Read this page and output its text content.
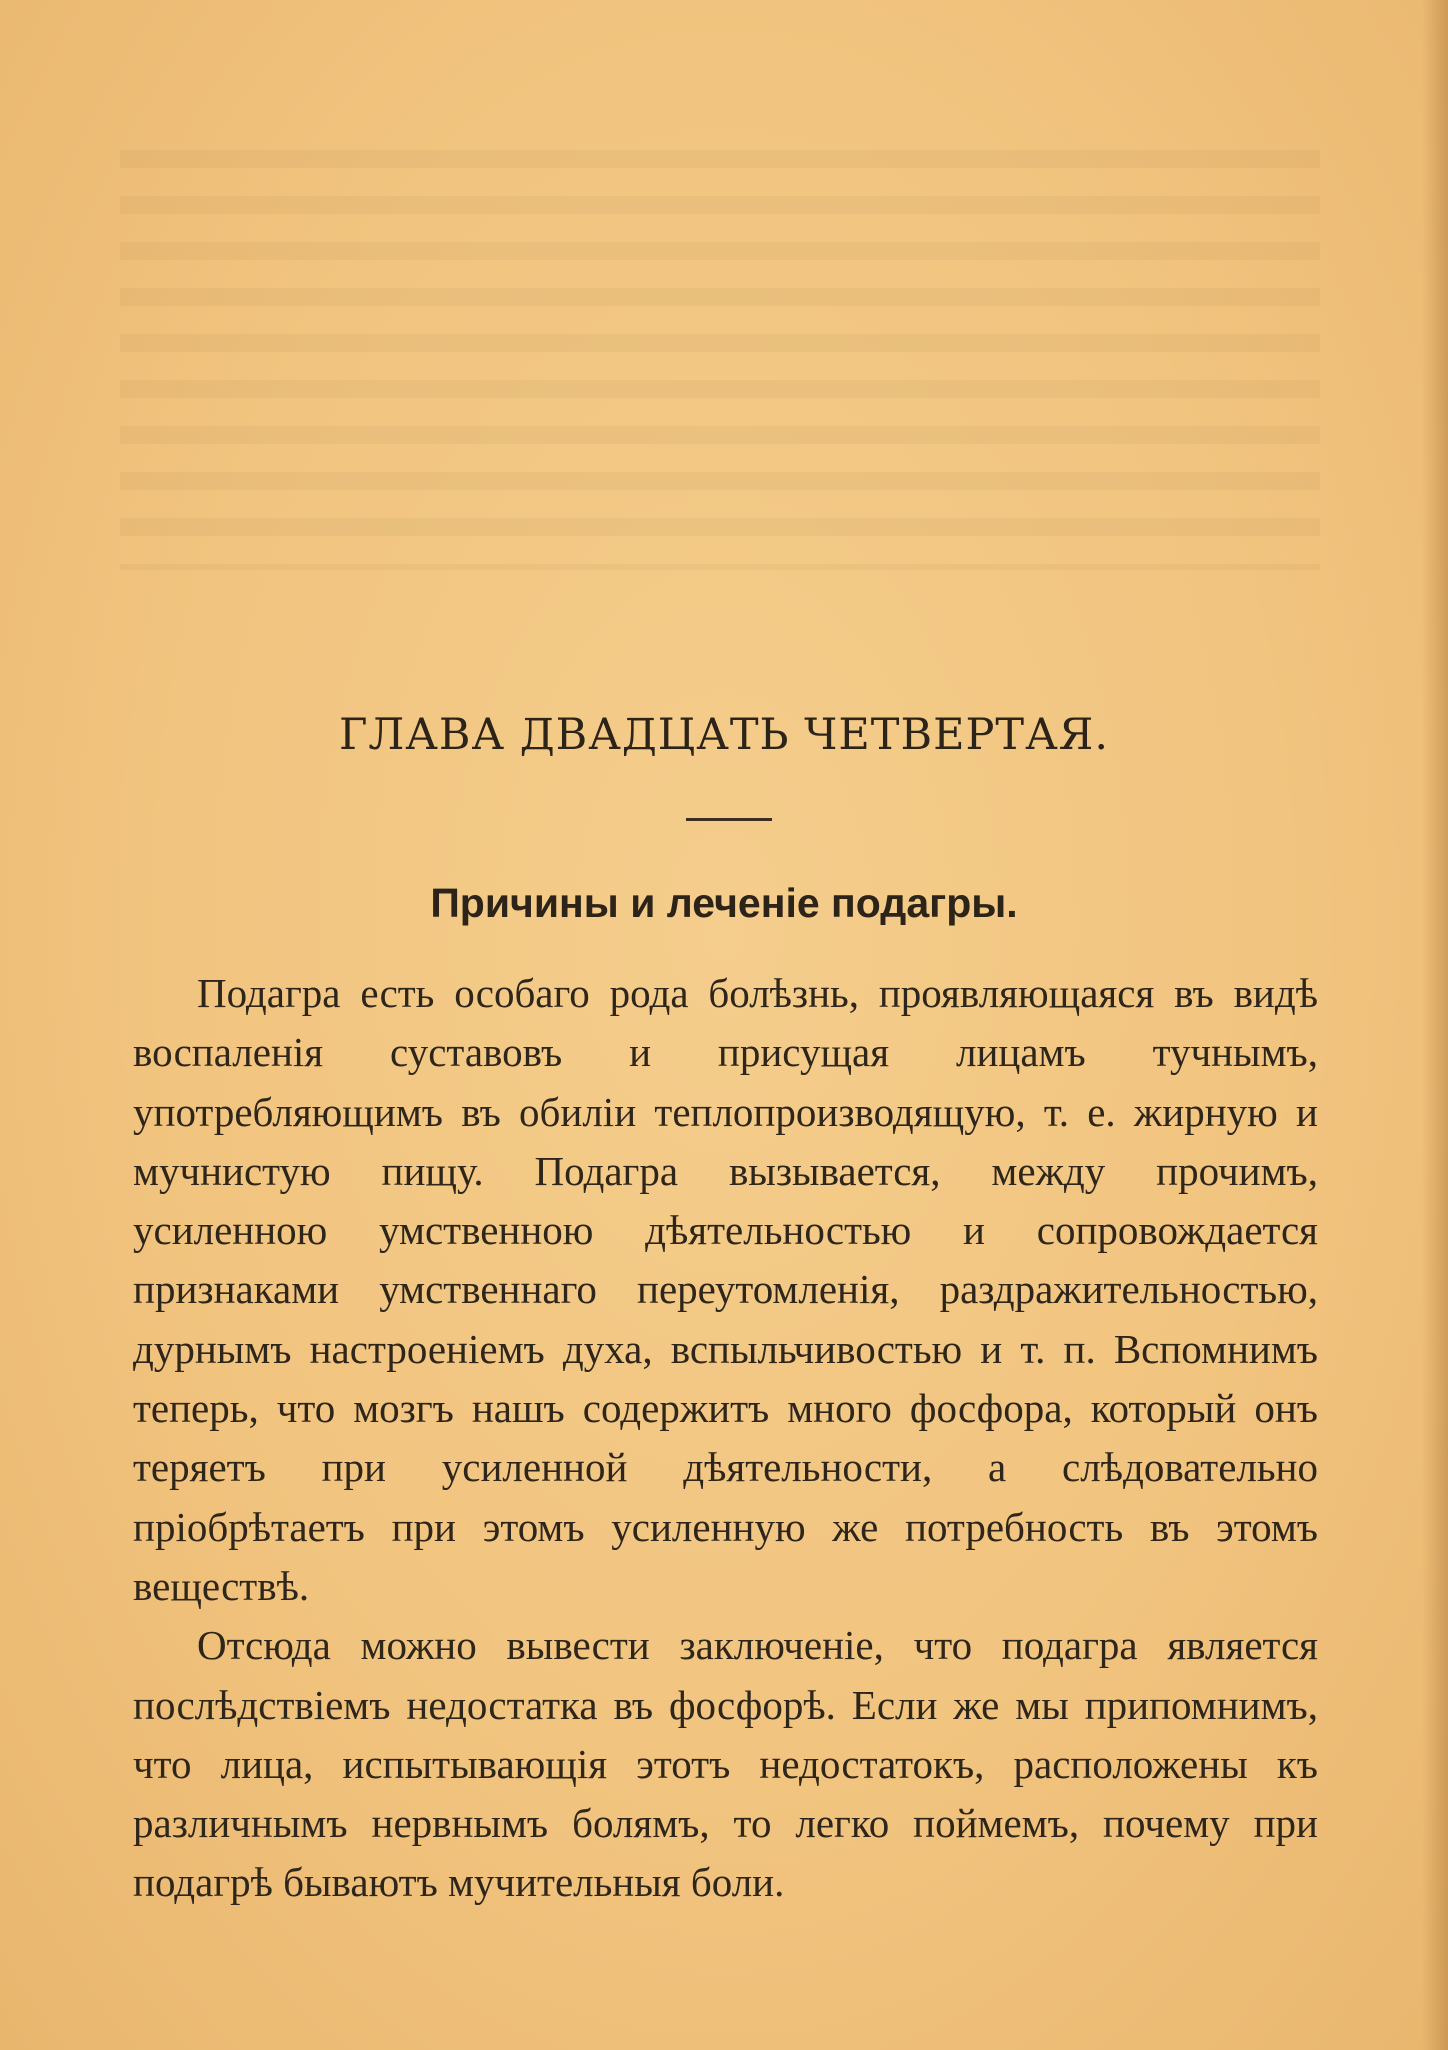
ГЛАВА ДВАДЦАТЬ ЧЕТВЕРТАЯ.
Причины и леченіе подагры.

Подагра есть особаго рода болѣзнь, проявляющаяся въ видѣ воспаленія суставовъ и присущая лицамъ тучнымъ, употребляющимъ въ обиліи теплопроизводящую, т. е. жирную и мучнистую пищу. Подагра вызывается, между прочимъ, усиленною умственною дѣятельностью и сопровождается признаками умственнаго переутомленія, раздражительностью, дурнымъ настроеніемъ духа, вспыльчивостью и т. п. Вспомнимъ теперь, что мозгъ нашъ содержитъ много фосфора, который онъ теряетъ при усиленной дѣятельности, а слѣдовательно пріобрѣтаетъ при этомъ усиленную же потребность въ этомъ веществѣ.

Отсюда можно вывести заключеніе, что подагра является послѣдствіемъ недостатка въ фосфорѣ. Если же мы припомнимъ, что лица, испытывающія этотъ недостатокъ, расположены къ различнымъ нервнымъ болямъ, то легко поймемъ, почему при подагрѣ бываютъ мучительныя боли.
